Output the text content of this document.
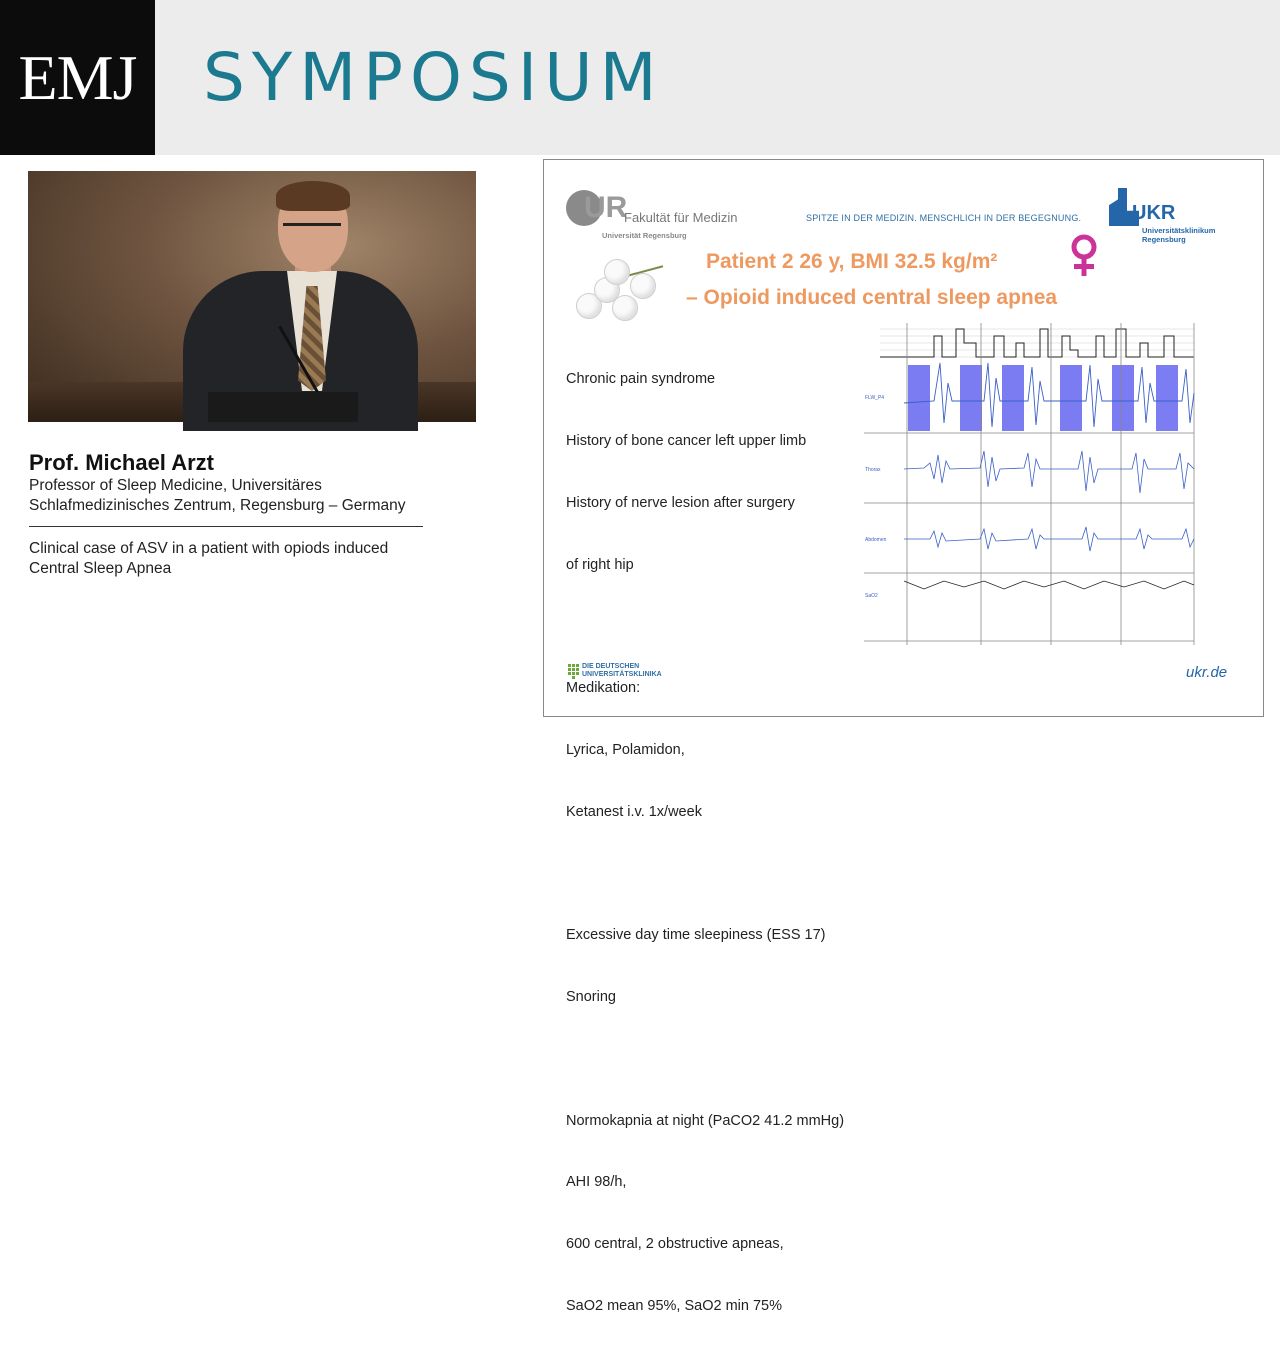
EMJ SYMPOSIUM
Prof. Michael Arzt
Professor of Sleep Medicine, Universitäres
Schlafmedizinisches Zentrum, Regensburg – Germany
Clinical case of ASV in a patient with opiods induced
Central Sleep Apnea
UR
Fakultät für Medizin
Universität Regensburg
SPITZE IN DER MEDIZIN. MENSCHLICH IN DER BEGEGNUNG.	UKR
Universitätsklinikum
Regensburg
Patient 2 26 y, BMI 32.5 kg/m²
– Opioid induced central sleep apnea

Chronic pain syndrome

History of bone cancer left upper limb

History of nerve lesion after surgery

of right hip

Medikation:

Lyrica, Polamidon,

Ketanest i.v. 1x/week

Excessive day time sleepiness (ESS 17)

Snoring

Normokapnia at night (PaCO2 41.2 mmHg)

AHI 98/h,

600 central, 2 obstructive apneas,

SaO2 mean 95%, SaO2 min 75%

FLW_P4
Thorax
Abdomen
SaO2
DIE DEUTSCHEN
UNIVERSITÄTSKLINIKA	ukr.de
